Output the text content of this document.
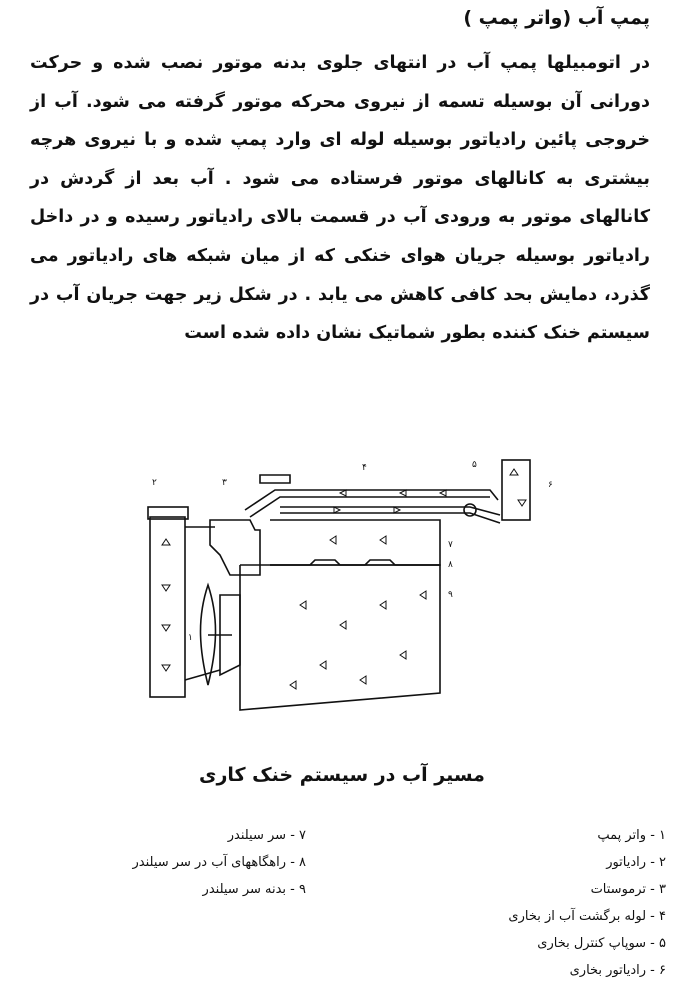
پمپ آب (واتر پمپ )

در اتومبیلها پمپ آب در انتهای جلوی بدنه موتور نصب شده و حرکت دورانی آن بوسیله تسمه از نیروی محرکه موتور گرفته می شود. آب از خروجی پائین رادیاتور بوسیله لوله ای وارد پمپ شده و با نیروی هرچه بیشتری به کانالهای موتور فرستاده می شود . آب بعد از گردش در کانالهای موتور به ورودی آب در قسمت بالای رادیاتور رسیده و در داخل رادیاتور بوسیله جریان هوای خنکی که از میان شبکه های رادیاتور می گذرد، دمایش بحد کافی کاهش می یابد . در شکل زیر جهت جریان آب در سیستم خنک کننده بطور شماتیک نشان داده شده است

۲	۳
۴	۵
۶
۷
۸
۹
۱
مسیر آب در سیستم خنک کاری
۱ - واتر پمپ
۲ - رادیاتور
۳ - ترموستات
۴ - لوله برگشت آب از بخاری
۵ - سوپاپ کنترل بخاری
۶ - رادیاتور بخاری
۷ - سر سیلندر
۸ - راهگاههای آب در سر سیلندر
۹ - بدنه سر سیلندر
